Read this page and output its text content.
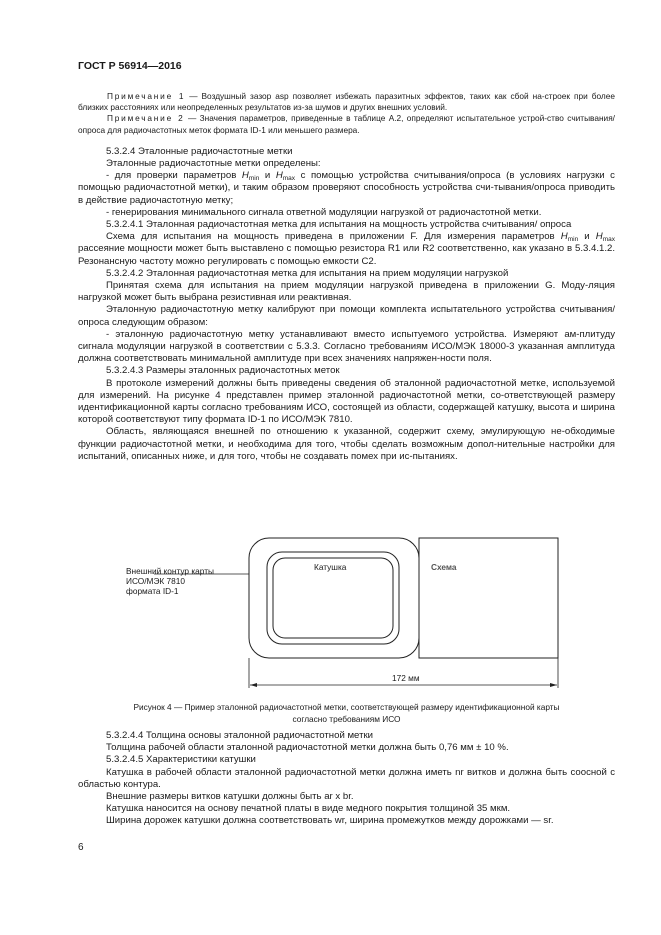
ГОСТ Р 56914—2016

Примечание 1 — Воздушный зазор asp позволяет избежать паразитных эффектов, таких как сбой на-строек при более близких расстояниях или неопределенных результатов из-за шумов и других внешних условий.

Примечание 2 — Значения параметров, приведенные в таблице А.2, определяют испытательное устрой-ство считывания/опроса для радиочастотных меток формата ID-1 или меньшего размера.

5.3.2.4 Эталонные радиочастотные метки

Эталонные радиочастотные метки определены:

- для проверки параметров $H_{min}$ и $H_{max}$ с помощью устройства считывания/опроса (в условиях нагрузки с помощью радиочастотной метки), и таким образом проверяют способность устройства счи-тывания/опроса приводить в действие радиочастотную метку;

- генерирования минимального сигнала ответной модуляции нагрузкой от радиочастотной метки.

5.3.2.4.1 Эталонная радиочастотная метка для испытания на мощность устройства считывания/ опроса

Схема для испытания на мощность приведена в приложении F. Для измерения параметров $H_{min}$ и $H_{max}$ рассеяние мощности может быть выставлено с помощью резистора R1 или R2 соответственно, как указано в 5.3.4.1.2. Резонансную частоту можно регулировать с помощью емкости С2.

5.3.2.4.2 Эталонная радиочастотная метка для испытания на прием модуляции нагрузкой

Принятая схема для испытания на прием модуляции нагрузкой приведена в приложении G. Моду-ляция нагрузкой может быть выбрана резистивная или реактивная.

Эталонную радиочастотную метку калибруют при помощи комплекта испытательного устройства считывания/опроса следующим образом:

- эталонную радиочастотную метку устанавливают вместо испытуемого устройства. Измеряют ам-плитуду сигнала модуляции нагрузкой в соответствии с 5.3.3. Согласно требованиям ИСО/МЭК 18000-3 указанная амплитуда должна соответствовать минимальной амплитуде при всех значениях напряжен-ности поля.

5.3.2.4.3 Размеры эталонных радиочастотных меток

В протоколе измерений должны быть приведены сведения об эталонной радиочастотной метке, используемой для измерений. На рисунке 4 представлен пример эталонной радиочастотной метки, со-ответствующей размеру идентификационной карты согласно требованиям ИСО, состоящей из области, содержащей катушку, высота и ширина которой соответствуют типу формата ID-1 по ИСО/МЭК 7810.

Область, являющаяся внешней по отношению к указанной, содержит схему, эмулирующую не-обходимые функции радиочастотной метки, и необходима для того, чтобы сделать возможным допол-нительные настройки для испытаний, описанных ниже, и для того, чтобы не создавать помех при ис-пытаниях.

Внешний контур карты
ИСО/МЭК 7810
формата ID-1
Катушка	Схема
172 мм
Рисунок 4 — Пример эталонной радиочастотной метки, соответствующей размеру идентификационной карты
согласно требованиям ИСО

5.3.2.4.4 Толщина основы эталонной радиочастотной метки

Толщина рабочей области эталонной радиочастотной метки должна быть 0,76 мм ± 10 %.

5.3.2.4.5 Характеристики катушки

Катушка в рабочей области эталонной радиочастотной метки должна иметь nr витков и должна быть соосной с областью контура.

Внешние размеры витков катушки должны быть ar x br.

Катушка наносится на основу печатной платы в виде медного покрытия толщиной 35 мкм.

Ширина дорожек катушки должна соответствовать wr, ширина промежутков между дорожками — sr.

6
